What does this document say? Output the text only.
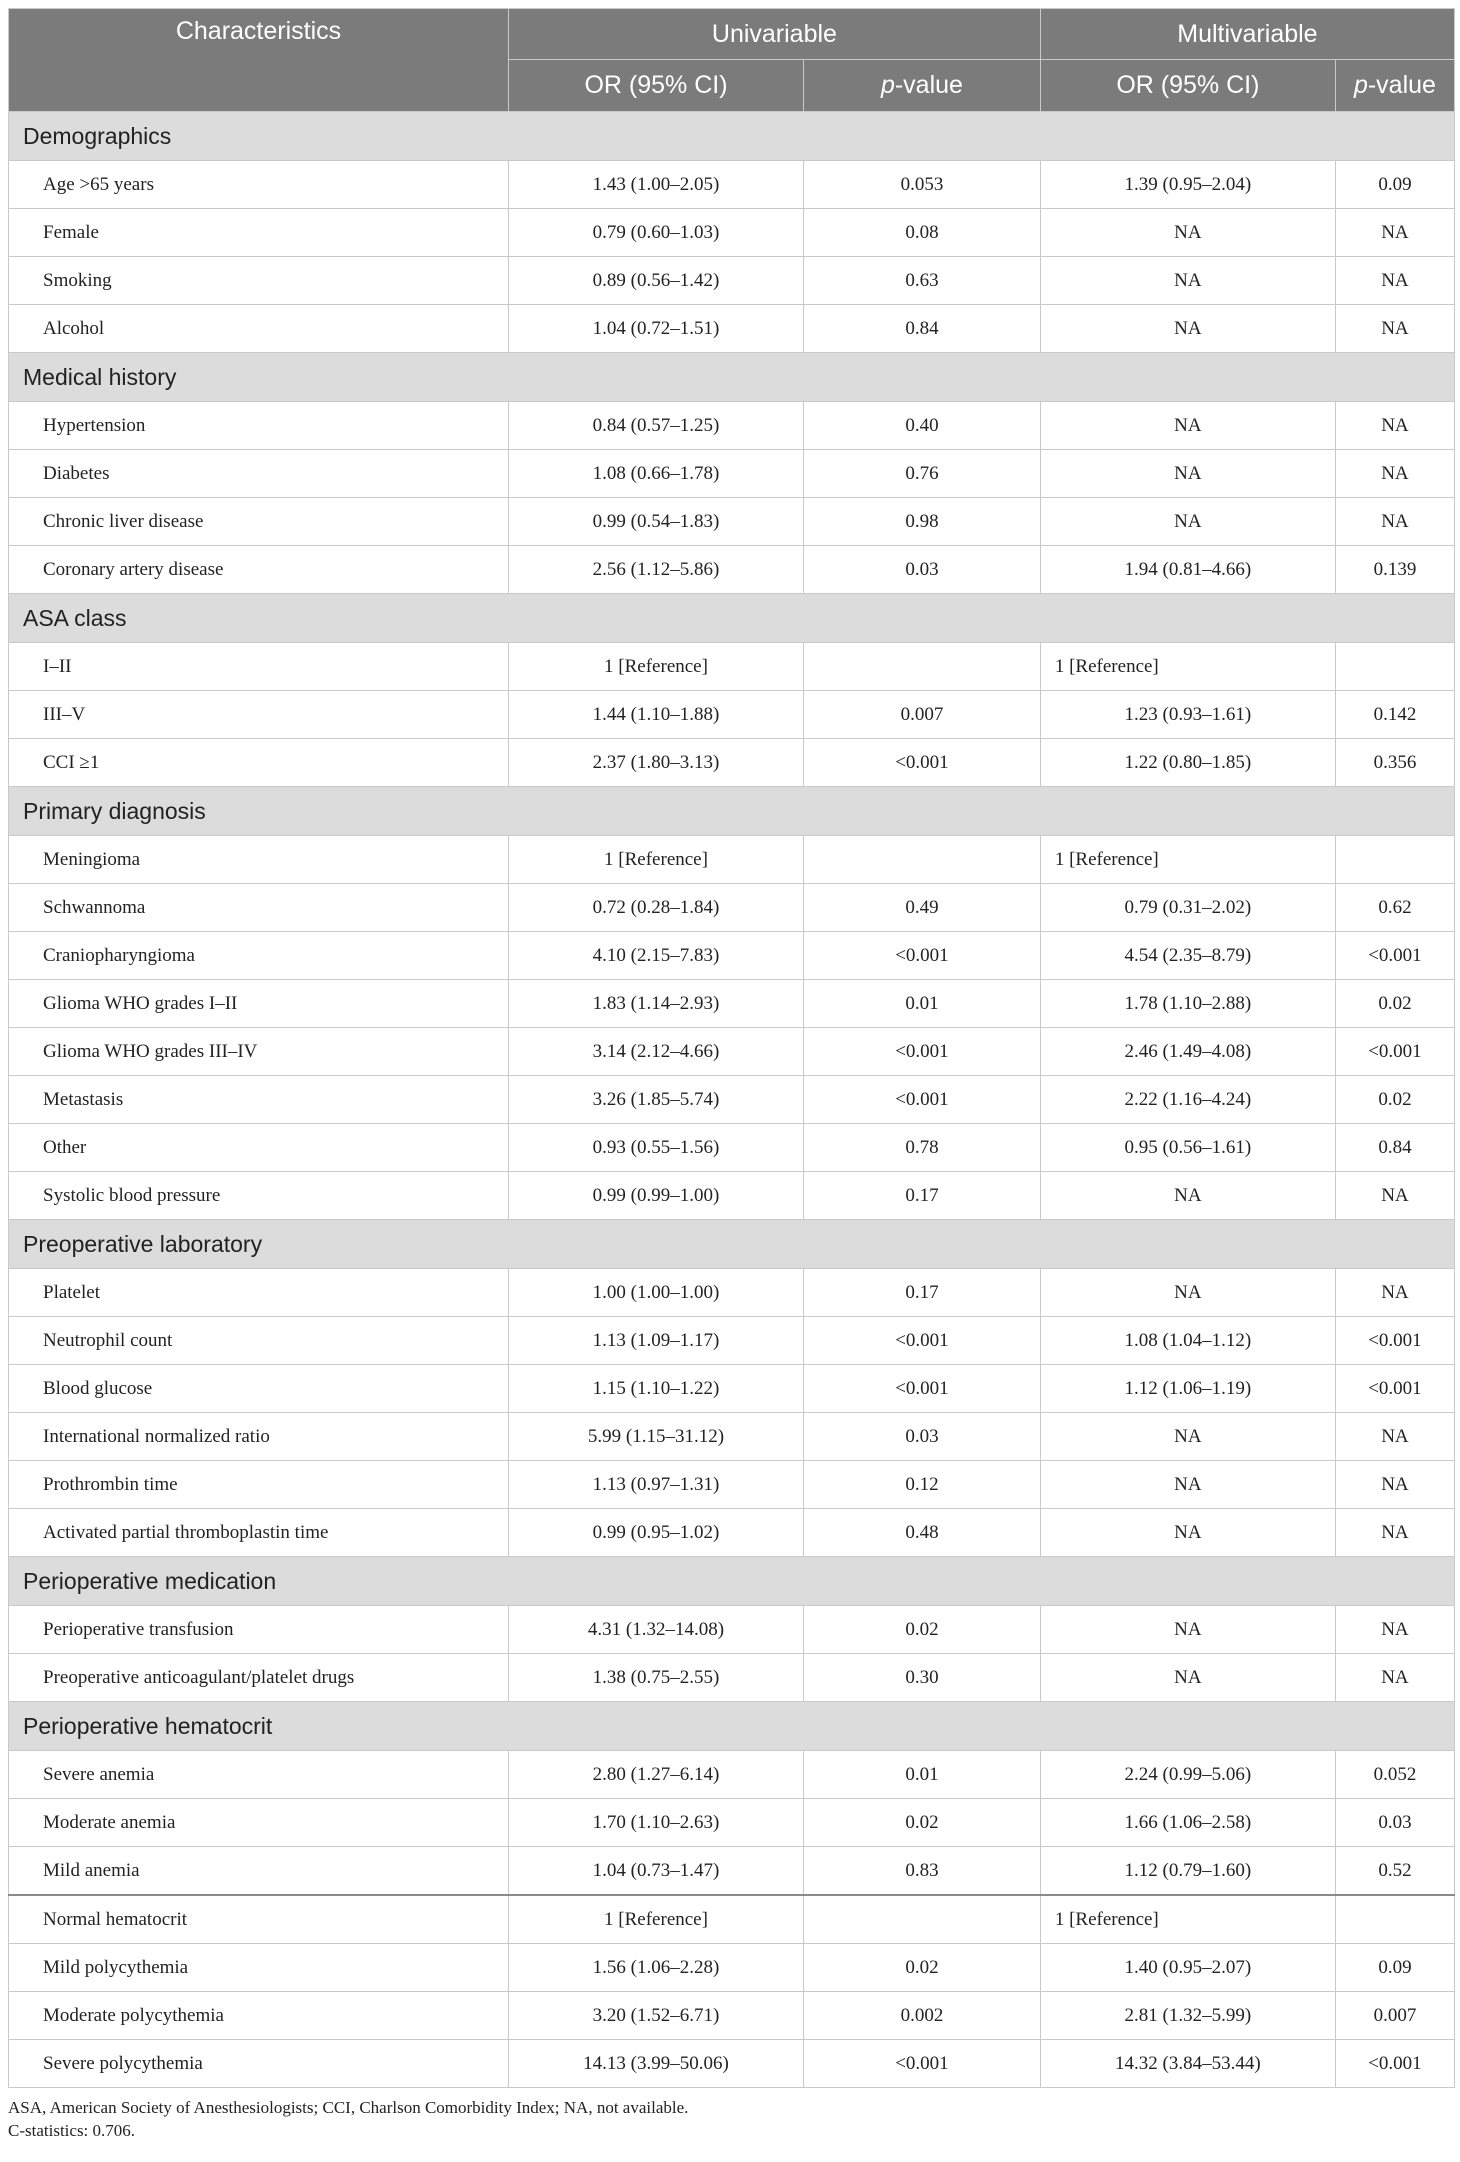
Characteristics	Univariable		Multivariable	
	OR (95% CI)	p-value	OR (95% CI)	p-value
Demographics				
Age >65 years	1.43 (1.00–2.05)	0.053	1.39 (0.95–2.04)	0.09
Female	0.79 (0.60–1.03)	0.08	NA	NA
Smoking	0.89 (0.56–1.42)	0.63	NA	NA
Alcohol	1.04 (0.72–1.51)	0.84	NA	NA
Medical history				
Hypertension	0.84 (0.57–1.25)	0.40	NA	NA
Diabetes	1.08 (0.66–1.78)	0.76	NA	NA
Chronic liver disease	0.99 (0.54–1.83)	0.98	NA	NA
Coronary artery disease	2.56 (1.12–5.86)	0.03	1.94 (0.81–4.66)	0.139
ASA class				
I–II	1 [Reference]		1 [Reference]	

III–V	1.44 (1.10–1.88)	0.007	1.23 (0.93–1.61)	0.142
CCI ≥1	2.37 (1.80–3.13)	<0.001	1.22 (0.80–1.85)	0.356
Primary diagnosis				
Meningioma	1 [Reference]		1 [Reference]	

Schwannoma	0.72 (0.28–1.84)	0.49	0.79 (0.31–2.02)	0.62
Craniopharyngioma	4.10 (2.15–7.83)	<0.001	4.54 (2.35–8.79)	<0.001
Glioma WHO grades I–II	1.83 (1.14–2.93)	0.01	1.78 (1.10–2.88)	0.02
Glioma WHO grades III–IV	3.14 (2.12–4.66)	<0.001	2.46 (1.49–4.08)	<0.001
Metastasis	3.26 (1.85–5.74)	<0.001	2.22 (1.16–4.24)	0.02
Other	0.93 (0.55–1.56)	0.78	0.95 (0.56–1.61)	0.84
Systolic blood pressure	0.99 (0.99–1.00)	0.17	NA	NA
Preoperative laboratory				
Platelet	1.00 (1.00–1.00)	0.17	NA	NA
Neutrophil count	1.13 (1.09–1.17)	<0.001	1.08 (1.04–1.12)	<0.001
Blood glucose	1.15 (1.10–1.22)	<0.001	1.12 (1.06–1.19)	<0.001
International normalized ratio	5.99 (1.15–31.12)	0.03	NA	NA
Prothrombin time	1.13 (0.97–1.31)	0.12	NA	NA
Activated partial thromboplastin time	0.99 (0.95–1.02)	0.48	NA	NA
Perioperative medication				
Perioperative transfusion	4.31 (1.32–14.08)	0.02	NA	NA
Preoperative anticoagulant/platelet drugs	1.38 (0.75–2.55)	0.30	NA	NA
Perioperative hematocrit				
Severe anemia	2.80 (1.27–6.14)	0.01	2.24 (0.99–5.06)	0.052
Moderate anemia	1.70 (1.10–2.63)	0.02	1.66 (1.06–2.58)	0.03
Mild anemia	1.04 (0.73–1.47)	0.83	1.12 (0.79–1.60)	0.52
Normal hematocrit	1 [Reference]		1 [Reference]	

Mild polycythemia	1.56 (1.06–2.28)	0.02	1.40 (0.95–2.07)	0.09
Moderate polycythemia	3.20 (1.52–6.71)	0.002	2.81 (1.32–5.99)	0.007
Severe polycythemia	14.13 (3.99–50.06)	<0.001	14.32 (3.84–53.44)	<0.001
ASA, American Society of Anesthesiologists; CCI, Charlson Comorbidity Index; NA, not available.
C-statistics: 0.706.
